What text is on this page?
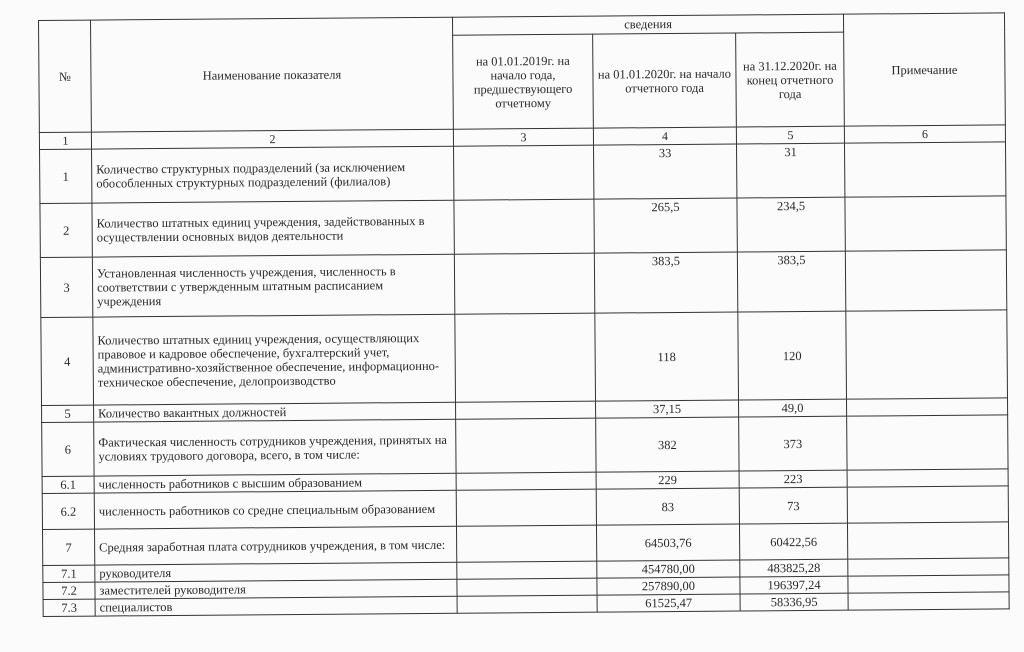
№	Наименование показателя	сведения			Примечание
		на 01.01.2019г. на начало года, предшествующего отчетному	на 01.01.2020г. на начало отчетного года	на 31.12.2020г. на конец отчетного года	
1	2	3	4	5	6
1	Количество структурных подразделений (за исключением обособленных структурных подразделений (филиалов)		33	31	
2	Количество штатных единиц учреждения, задействованных в осуществлении основных видов деятельности		265,5	234,5	
3	Установленная численность учреждения, численность в соответствии с утвержденным штатным расписанием учреждения		383,5	383,5	
4	Количество штатных единиц учреждения, осуществляющих правовое и кадровое обеспечение, бухгалтерский учет, административно-хозяйственное обеспечение, информационно-техническое обеспечение, делопроизводство		118	120	
5	Количество вакантных должностей		37,15	49,0	
6	Фактическая численность сотрудников учреждения, принятых на условиях трудового договора, всего, в том числе:		382	373	
6.1	численность работников с высшим образованием		229	223	
6.2	численность работников со средне специальным образованием		83	73	
7	Средняя заработная плата сотрудников учреждения, в том числе:		64503,76	60422,56	
7.1	руководителя		454780,00	483825,28	
7.2	заместителей руководителя		257890,00	196397,24	
7.3	специалистов		61525,47	58336,95	
